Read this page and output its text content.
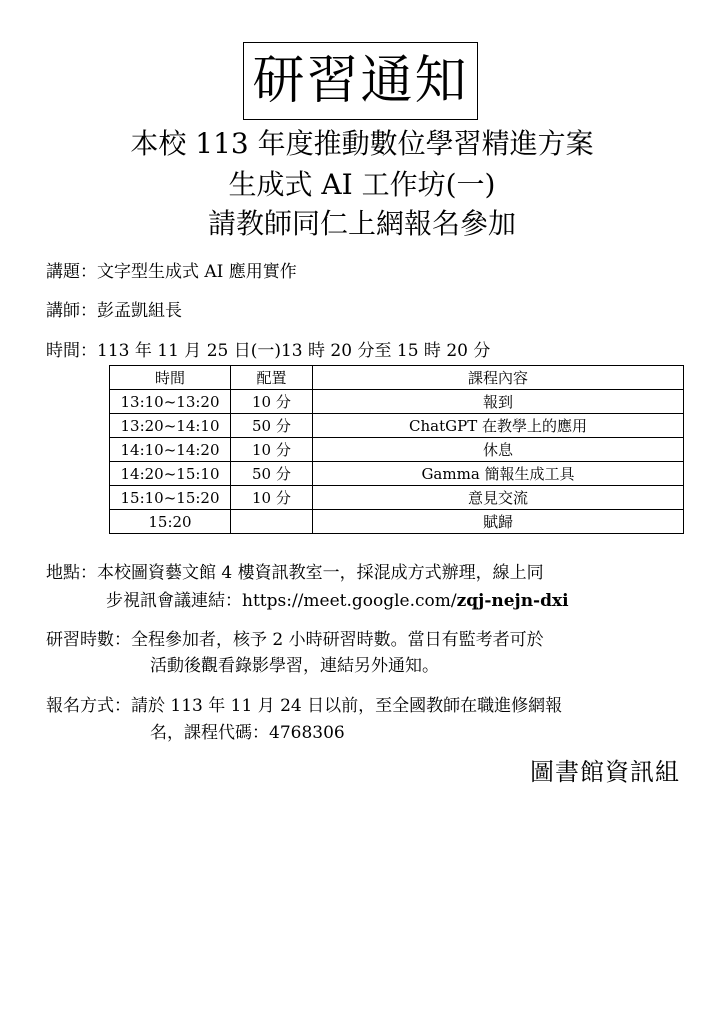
研習通知
本校 113 年度推動數位學習精進方案
生成式 AI 工作坊(一)
請教師同仁上網報名參加
講題：文字型生成式 AI 應用實作
講師：彭孟凱組長
時間：113 年 11 月 25 日(一)13 時 20 分至 15 時 20 分
時間	配置	課程內容
13:10~13:20	10 分	報到
13:20~14:10	50 分	ChatGPT 在教學上的應用
14:10~14:20	10 分	休息
14:20~15:10	50 分	Gamma 簡報生成工具
15:10~15:20	10 分	意見交流
15:20		賦歸
地點：本校圖資藝文館 4 樓資訊教室一，採混成方式辦理，線上同
步視訊會議連結：https://meet.google.com/zqj-nejn-dxi
研習時數：全程參加者，核予 2 小時研習時數。當日有監考者可於
活動後觀看錄影學習，連結另外通知。
報名方式：請於 113 年 11 月 24 日以前，至全國教師在職進修網報
名，課程代碼：4768306
圖書館資訊組
